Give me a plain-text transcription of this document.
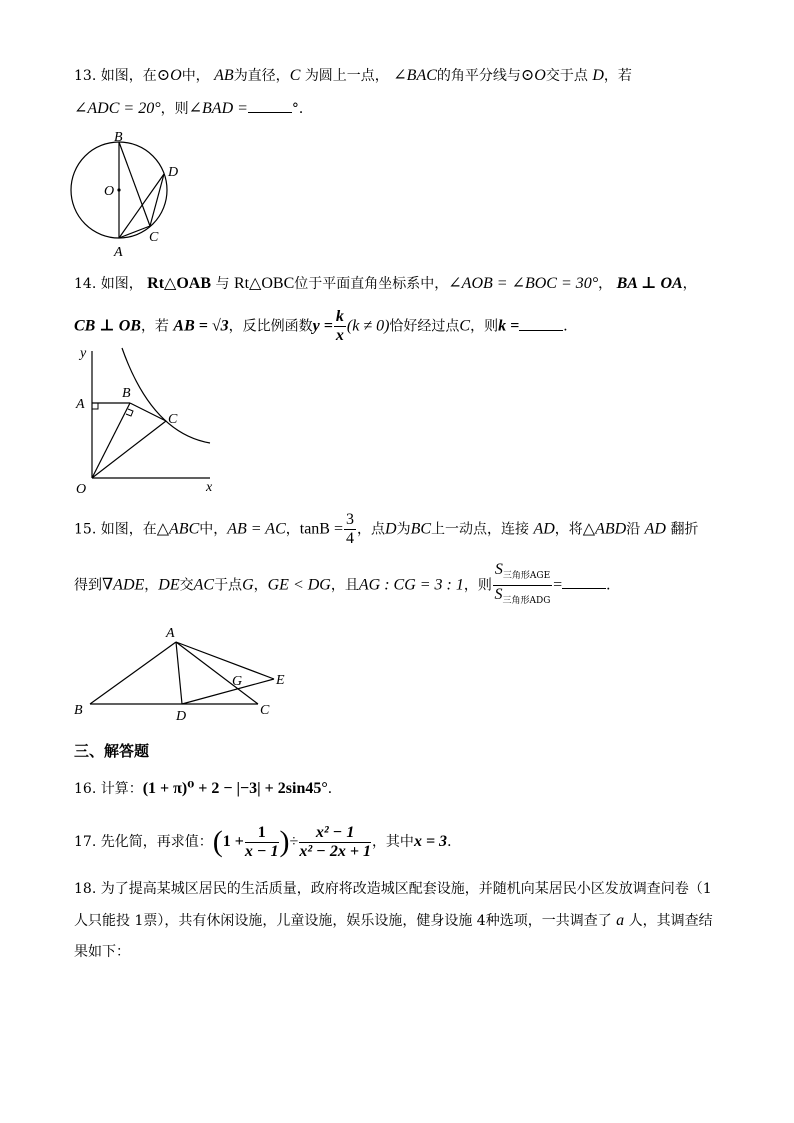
13. 如图，在⊙O中， AB为直径，C 为圆上一点， ∠BAC的角平分线与⊙O交于点 D，若
∠ADC = 20°，则∠BAD =	°．
B
D
O
C
A
14. 如图， Rt△OAB 与 Rt△OBC位于平面直角坐标系中，∠AOB = ∠BOC = 30°， BA ⊥ OA，
CB ⊥ OB，若 AB = √3，反比例函数$y = \frac{k}{x} (k \ne 0)$恰好经过点C，则k =	．
y
A
B
C
O	x
15. 如图，在△ABC中，AB = AC，$\tan B = \frac{3}{4}$ ，点D为BC上一动点，连接 AD，将△ABD沿 AD 翻折
得到∇ADE，DE交AC于点G，GE < DG，且AG : CG = 3 : 1，则 $\frac{S_{三角形AGE}}{S_{三角形ADG}}$ =	．
A
G E
B	D	C
三、解答题
16. 计算：(1 + π)⁰ + 2 − |−3| + 2sin45°．
17. 先化简，再求值：($1 + \frac{1}{x - 1}$ )÷ $\frac{\text{x² − 1}}{\text{x² − 2x + 1}}$ ，其中x = 3．
18. 为了提高某城区居民的生活质量，政府将改造城区配套设施，并随机向某居民小区发放调查问卷（1
人只能投 1票），共有休闲设施，儿童设施，娱乐设施，健身设施 4种选项，一共调查了 a 人，其调查结
果如下：
